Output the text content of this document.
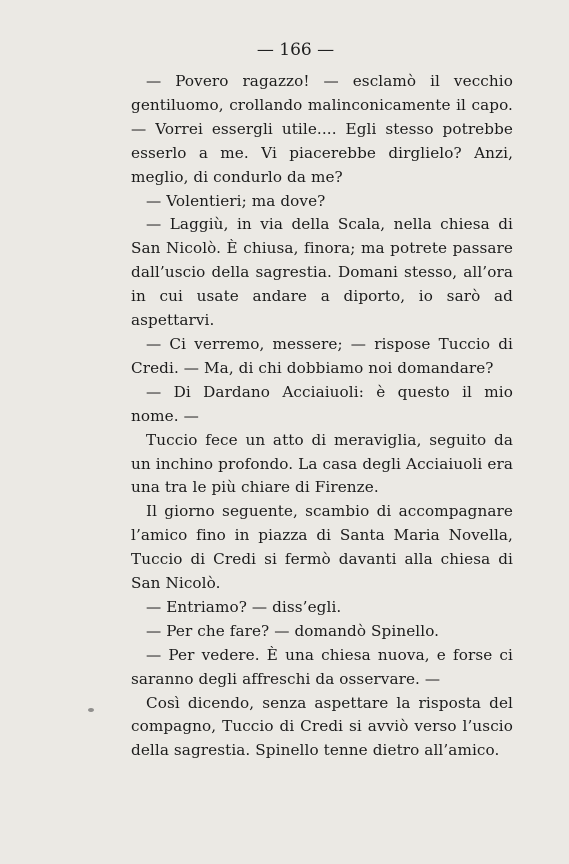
— 166 —

— Povero ragazzo! — esclamò il vecchio gentiluomo, crollando malinconicamente il capo. — Vorrei essergli utile.... Egli stesso potrebbe esserlo a me. Vi piacerebbe dirglielo? Anzi, meglio, di condurlo da me?

— Volentieri; ma dove?

— Laggiù, in via della Scala, nella chiesa di San Nicolò. È chiusa, finora; ma potrete passare dall’uscio della sagrestia. Domani stesso, all’ora in cui usate andare a diporto, io sarò ad aspettarvi.

— Ci verremo, messere; — rispose Tuccio di Credi. — Ma, di chi dobbiamo noi domandare?

— Di Dardano Acciaiuoli: è questo il mio nome. —

Tuccio fece un atto di meraviglia, seguito da un inchino profondo. La casa degli Acciaiuoli era una tra le più chiare di Firenze.

Il giorno seguente, scambio di accompagnare l’amico fino in piazza di Santa Maria Novella, Tuccio di Credi si fermò davanti alla chiesa di San Nicolò.

— Entriamo? — diss’egli.

— Per che fare? — domandò Spinello.

— Per vedere. È una chiesa nuova, e forse ci saranno degli affreschi da osservare. —

Così dicendo, senza aspettare la risposta del compagno, Tuccio di Credi si avviò verso l’uscio della sagrestia. Spinello tenne dietro all’amico.
